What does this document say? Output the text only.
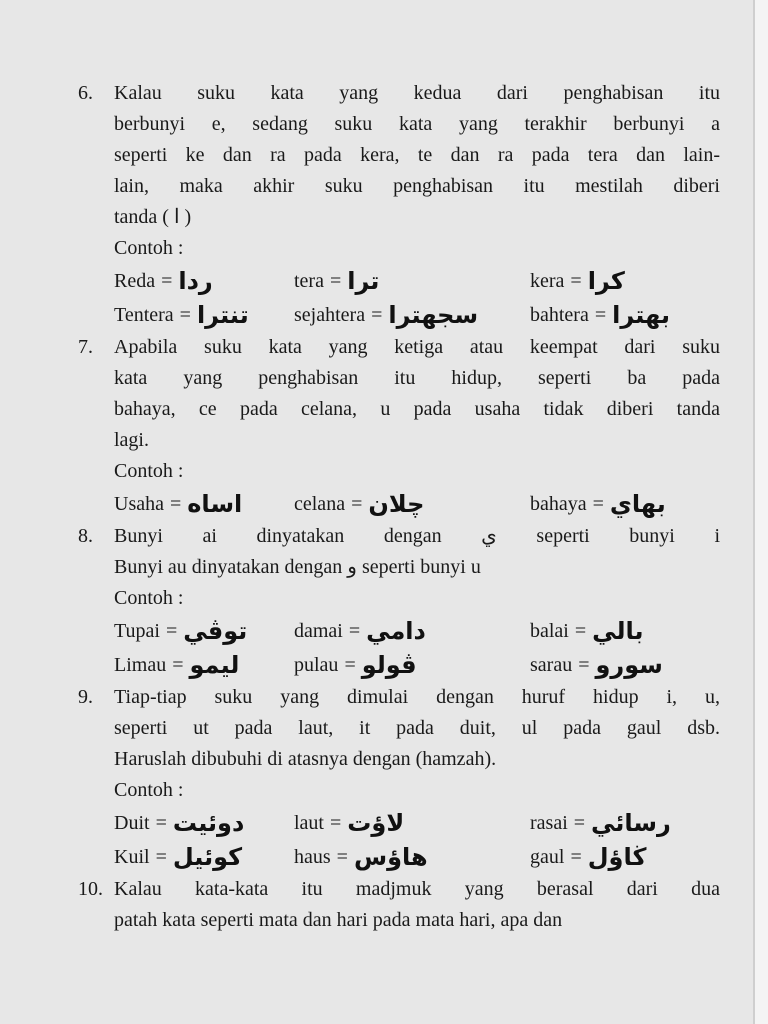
6. Kalau suku kata yang kedua dari penghabisan itu
berbunyi e, sedang suku kata yang terakhir berbunyi a
seperti ke dan ra pada kera, te dan ra pada tera dan lain-
lain, maka akhir suku penghabisan itu mestilah diberi
tanda ( ا )

Contoh :
Reda = ردا	tera = ترا	kera = کرا
Tentera = تنترا sejahtera = سجهترا	bahtera = بهترا
7. Apabila suku kata yang ketiga atau keempat dari suku
kata yang penghabisan itu hidup, seperti ba pada
bahaya, ce pada celana, u pada usaha tidak diberi tanda
lagi.

Contoh :
Usaha = اساه	celana = چلان	bahaya = بهاي
8. Bunyi ai dinyatakan dengan ي seperti bunyi i
Bunyi au dinyatakan dengan و seperti bunyi u

Contoh :
Tupai = توڤي damai = دامي	balai = بالي
Limau = ليمو	pulau = ڤولو	sarau = سورو
9. Tiap-tiap suku yang dimulai dengan huruf hidup i, u,
seperti ut pada laut, it pada duit, ul pada gaul dsb.
Haruslah dibubuhi di atasnya dengan (hamzah).

Contoh :
Duit = دوئيت laut = لاؤت	rasai = رسائي
Kuil = کوئيل	haus = هاؤس	gaul = ڬاؤل
10. Kalau kata-kata itu madjmuk yang berasal dari dua
patah kata seperti mata dan hari pada mata hari, apa dan
